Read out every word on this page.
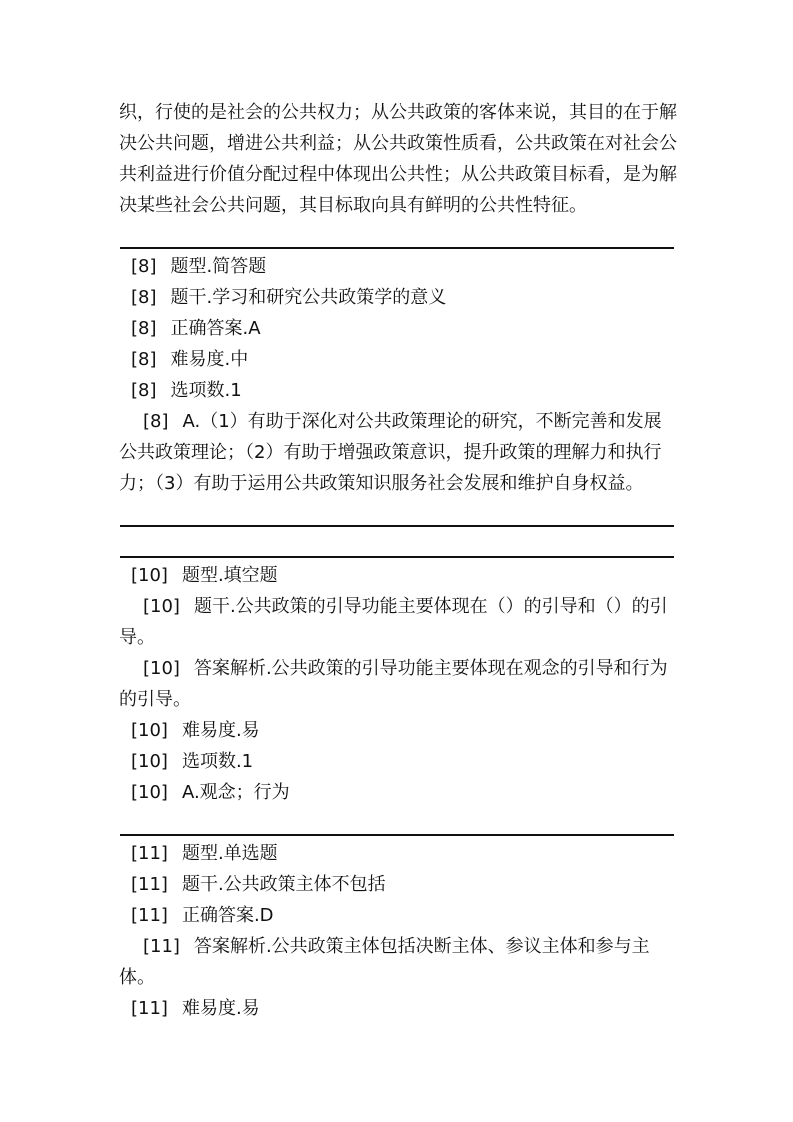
织，行使的是社会的公共权力；从公共政策的客体来说，其目的在于解决公共问题，增进公共利益；从公共政策性质看，公共政策在对社会公共利益进行价值分配过程中体现出公共性；从公共政策目标看，是为解决某些社会公共问题，其目标取向具有鲜明的公共性特征。

[8] 题型.简答题

[8] 题干.学习和研究公共政策学的意义

[8] 正确答案.A

[8] 难易度.中

[8] 选项数.1

[8] A.（1）有助于深化对公共政策理论的研究，不断完善和发展公共政策理论；（2）有助于增强政策意识，提升政策的理解力和执行力；（3）有助于运用公共政策知识服务社会发展和维护自身权益。

[10] 题型.填空题

[10] 题干.公共政策的引导功能主要体现在（）的引导和（）的引导。

[10] 答案解析.公共政策的引导功能主要体现在观念的引导和行为的引导。

[10] 难易度.易

[10] 选项数.1

[10] A.观念；行为

[11] 题型.单选题

[11] 题干.公共政策主体不包括

[11] 正确答案.D

[11] 答案解析.公共政策主体包括决断主体、参议主体和参与主体。

[11] 难易度.易
